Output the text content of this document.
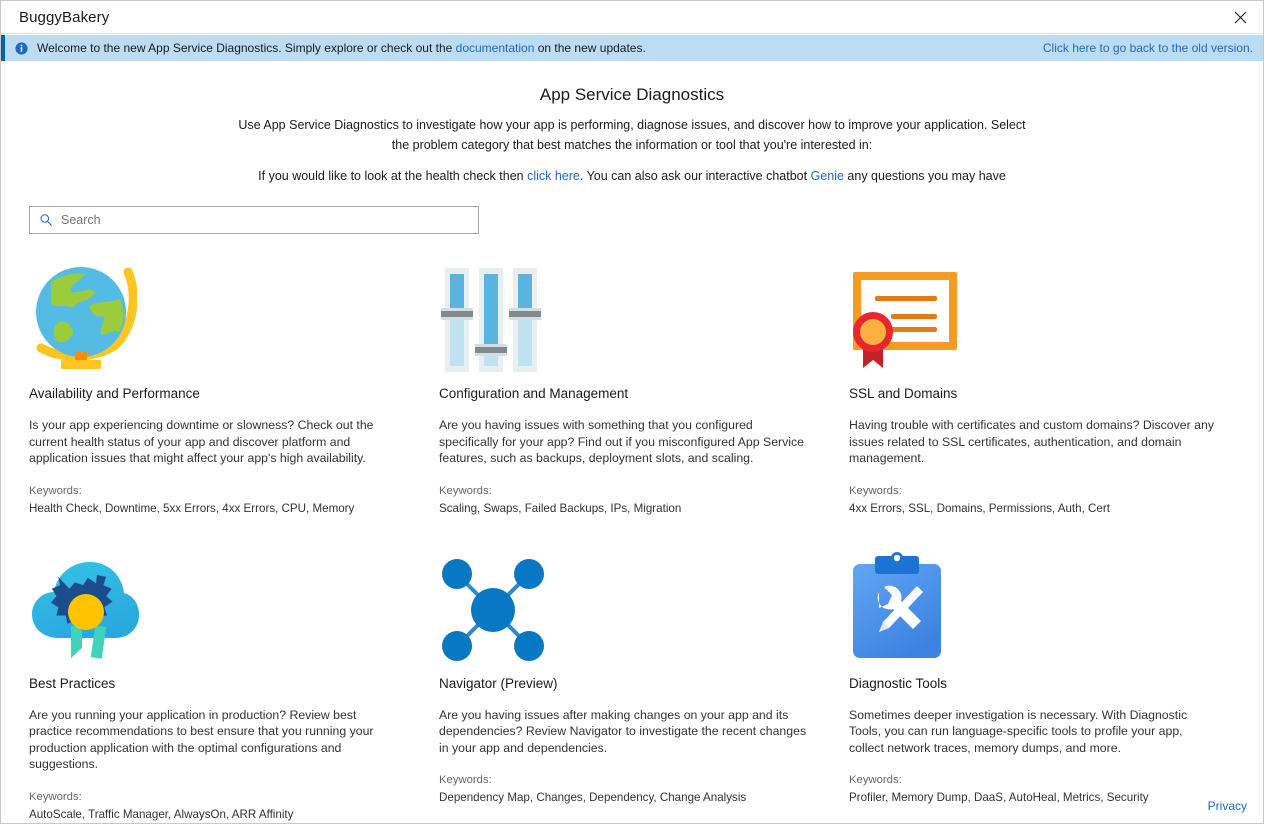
BuggyBakery
Welcome to the new App Service Diagnostics. Simply explore or check out the documentation on the new updates.	Click here to go back to the old version.
App Service Diagnostics

Use App Service Diagnostics to investigate how your app is performing, diagnose issues, and discover how to improve your application. Select the problem category that best matches the information or tool that you're interested in:

If you would like to look at the health check then click here. You can also ask our interactive chatbot Genie any questions you may have

Search
Availability and Performance
Is your app experiencing downtime or slowness? Check out the current health status of your app and discover platform and application issues that might affect your app's high availability.
Keywords:
Health Check, Downtime, 5xx Errors, 4xx Errors, CPU, Memory
Configuration and Management
Are you having issues with something that you configured specifically for your app? Find out if you misconfigured App Service features, such as backups, deployment slots, and scaling.
Keywords:
Scaling, Swaps, Failed Backups, IPs, Migration
SSL and Domains
Having trouble with certificates and custom domains? Discover any issues related to SSL certificates, authentication, and domain management.
Keywords:
4xx Errors, SSL, Domains, Permissions, Auth, Cert
Best Practices
Are you running your application in production? Review best practice recommendations to best ensure that you running your production application with the optimal configurations and suggestions.
Keywords:
AutoScale, Traffic Manager, AlwaysOn, ARR Affinity
Navigator (Preview)
Are you having issues after making changes on your app and its dependencies? Review Navigator to investigate the recent changes in your app and dependencies.
Keywords:
Dependency Map, Changes, Dependency, Change Analysis
Diagnostic Tools
Sometimes deeper investigation is necessary. With Diagnostic Tools, you can run language-specific tools to profile your app, collect network traces, memory dumps, and more.
Keywords:
Profiler, Memory Dump, DaaS, AutoHeal, Metrics, Security
Privacy
